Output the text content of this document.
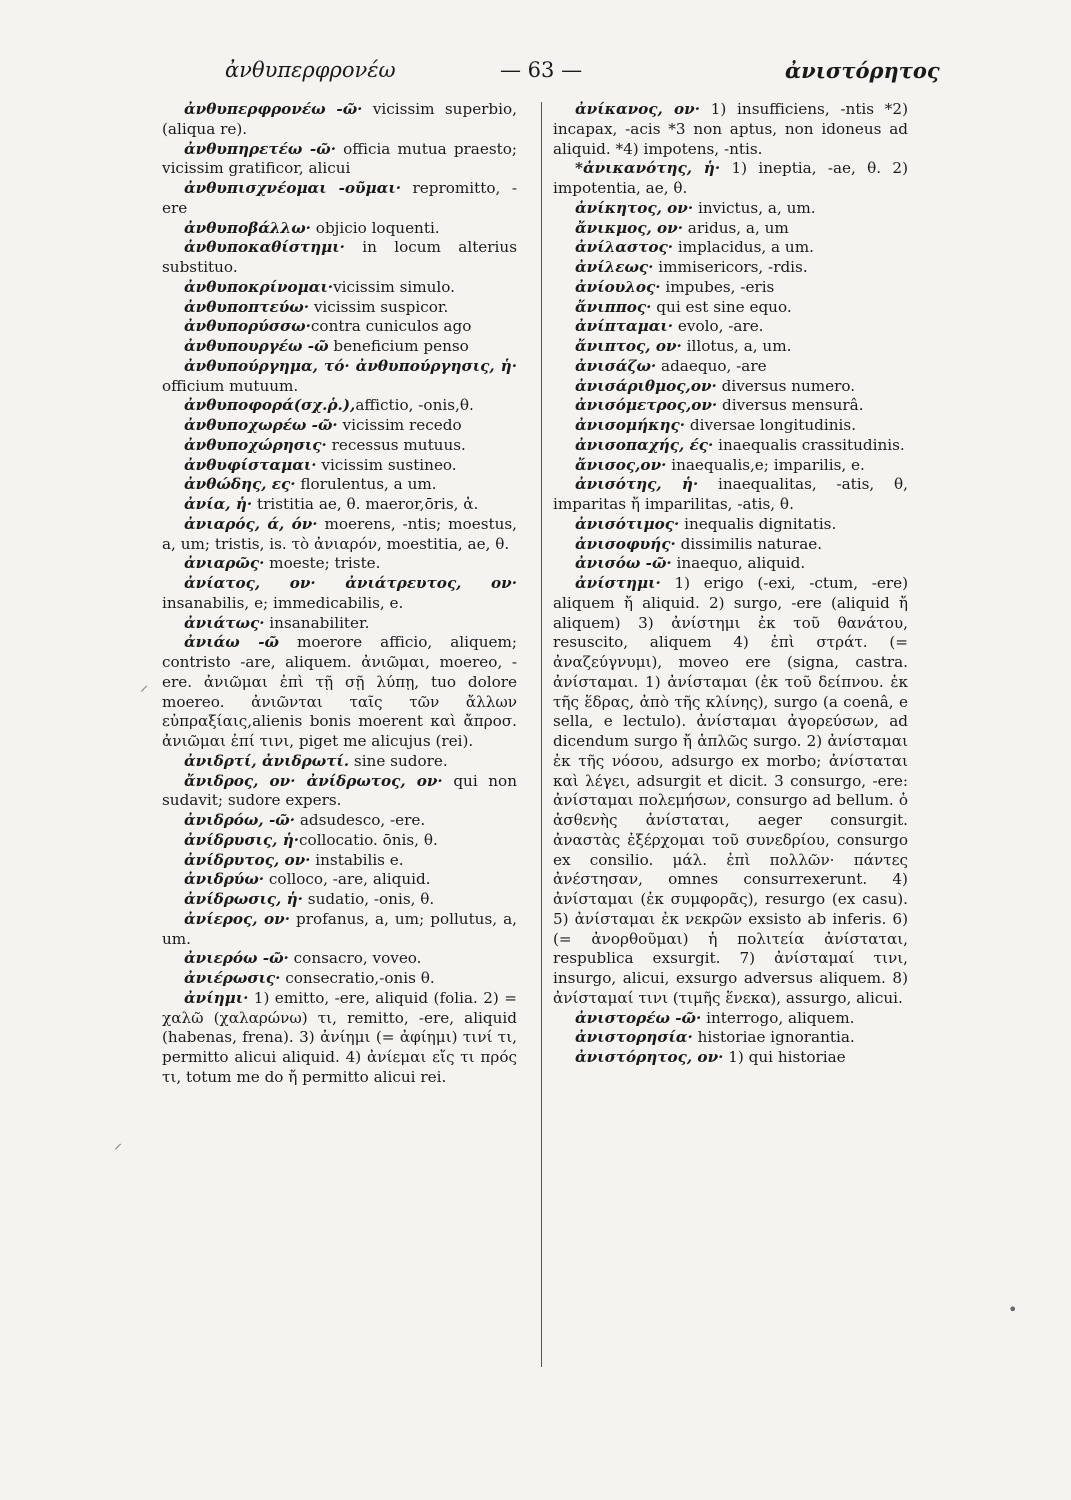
ἀνθυπερφρονέω	— 63 —	ἀνιστόρητος

ἀνθυπερφρονέω -ῶ· vicissim superbio, (aliqua re).

ἀνθυπηρετέω -ῶ· officia mutua praesto; vicissim gratificor, alicui

ἀνθυπισχνέομαι -οῦμαι· repromitto, -ere

ἀνθυποβάλλω· objicio loquenti.

ἀνθυποκαθίστημι· in locum alterius substituo.

ἀνθυποκρίνομαι·vicissim simulo.

ἀνθυποπτεύω· vicissim suspicor.

ἀνθυπορύσσω·contra cuniculos ago

ἀνθυπουργέω -ῶ beneficium penso

ἀνθυπούργημα, τό· ἀνθυπούργησις, ἡ· officium mutuum.

ἀνθυποφορά(σχ.ῥ.),affictio, -onis,θ.

ἀνθυποχωρέω -ῶ· vicissim recedo

ἀνθυποχώρησις· recessus mutuus.

ἀνθυφίσταμαι· vicissim sustineo.

ἀνθώδης, ες· florulentus, a um.

ἀνία, ἡ· tristitia ae, θ. maeror,ōris, ἀ.

ἀνιαρός, ά, όν· moerens, -ntis; moestus, a, um; tristis, is. τὸ ἀνιαρόν, moestitia, ae, θ.

ἀνιαρῶς· moeste; triste.

ἀνίατος, ον· ἀνιάτρευτος, ον· insanabilis, e; immedicabilis, e.

ἀνιάτως· insanabiliter.

ἀνιάω -ῶ moerore afficio, aliquem; contristo -are, aliquem. ἀνιῶμαι, moereo, -ere. ἀνιῶμαι ἐπὶ τῇ σῇ λύπῃ, tuo dolore moereo. ἀνιῶνται ταῖς τῶν ἄλλων εὐπραξίαις,alienis bonis moerent καὶ ἄπροσ. ἀνιῶμαι ἐπί τινι, piget me alicujus (rei).

ἀνιδρτί, ἀνιδρωτί. sine sudore.

ἄνιδρος, ον· ἀνίδρωτος, ον· qui non sudavit; sudore expers.

ἀνιδρόω, -ῶ· adsudesco, -ere.

ἀνίδρυσις, ἡ·collocatio. ōnis, θ.

ἀνίδρυτος, ον· instabilis e.

ἀνιδρύω· colloco, -are, aliquid.

ἀνίδρωσις, ἡ· sudatio, -onis, θ.

ἀνίερος, ον· profanus, a, um; pollutus, a, um.

ἀνιερόω -ῶ· consacro, voveo.

ἀνιέρωσις· consecratio,-onis θ.

ἀνίημι· 1) emitto, -ere, aliquid (folia. 2) = χαλῶ (χαλαρώνω) τι, remitto, -ere, aliquid (habenas, frena). 3) ἀνίημι (= ἀφίημι) τινί τι, permitto alicui aliquid. 4) ἀνίεμαι εἴς τι πρός τι, totum me do ἤ permitto alicui rei.

ἀνίκανος, ον· 1) insufficiens, -ntis *2) incapax, -acis *3 non aptus, non idoneus ad aliquid. *4) impotens, -ntis.

*ἀνικανότης, ἡ· 1) ineptia, -ae, θ. 2) impotentia, ae, θ.

ἀνίκητος, ον· invictus, a, um.

ἄνικμος, ον· aridus, a, um

ἀνίλαστος· implacidus, a um.

ἀνίλεως· immisericors, -rdis.

ἀνίουλος· impubes, -eris

ἄνιππος· qui est sine equo.

ἀνίπταμαι· evolo, -are.

ἄνιπτος, ον· illotus, a, um.

ἀνισάζω· adaequo, -are

ἀνισάριθμος,ον· diversus numero.

ἀνισόμετρος,ον· diversus mensurâ.

ἀνισομήκης· diversae longitudinis.

ἀνισοπαχής, ές· inaequalis crassitudinis.

ἄνισος,ον· inaequalis,e; imparilis, e.

ἀνισότης, ἡ· inaequalitas, -atis, θ, imparitas ἤ imparilitas, -atis, θ.

ἀνισότιμος· inequalis dignitatis.

ἀνισοφυής· dissimilis naturae.

ἀνισόω -ῶ· inaequo, aliquid.

ἀνίστημι· 1) erigo (-exi, -ctum, -ere) aliquem ἤ aliquid. 2) surgo, -ere (aliquid ἤ aliquem) 3) ἀνίστημι ἐκ τοῦ θανάτου, resuscito, aliquem 4) ἐπὶ στράτ. (= ἀναζεύγνυμι), moveo ere (signa, castra. ἀνίσταμαι. 1) ἀνίσταμαι (ἐκ τοῦ δείπνου. ἐκ τῆς ἕδρας, ἀπὸ τῆς κλίνης), surgo (a coenâ, e sella, e lectulo). ἀνίσταμαι ἀγορεύσων, ad dicendum surgo ἤ ἁπλῶς surgo. 2) ἀνίσταμαι ἐκ τῆς νόσου, adsurgo ex morbo; ἀνίσταται καὶ λέγει, adsurgit et dicit. 3 consurgo, -ere: ἀνίσταμαι πολεμήσων, consurgo ad bellum. ὁ ἀσθενὴς ἀνίσταται, aeger consurgit. ἀναστὰς ἐξέρχομαι τοῦ συνεδρίου, consurgo ex consilio. μάλ. ἐπὶ πολλῶν· πάντες ἀνέστησαν, omnes consurrexerunt. 4) ἀνίσταμαι (ἐκ συμφορᾶς), resurgo (ex casu). 5) ἀνίσταμαι ἐκ νεκρῶν exsisto ab inferis. 6) (= ἀνορθοῦμαι) ἡ πολιτεία ἀνίσταται, respublica exsurgit. 7) ἀνίσταμαί τινι, insurgo, alicui, exsurgo adversus aliquem. 8) ἀνίσταμαί τινι (τιμῆς ἕνεκα), assurgo, alicui.

ἀνιστορέω -ῶ· interrogo, aliquem.

ἀνιστορησία· historiae ignorantia.

ἀνιστόρητος, ον· 1) qui historiae

⸍
⸍
•
